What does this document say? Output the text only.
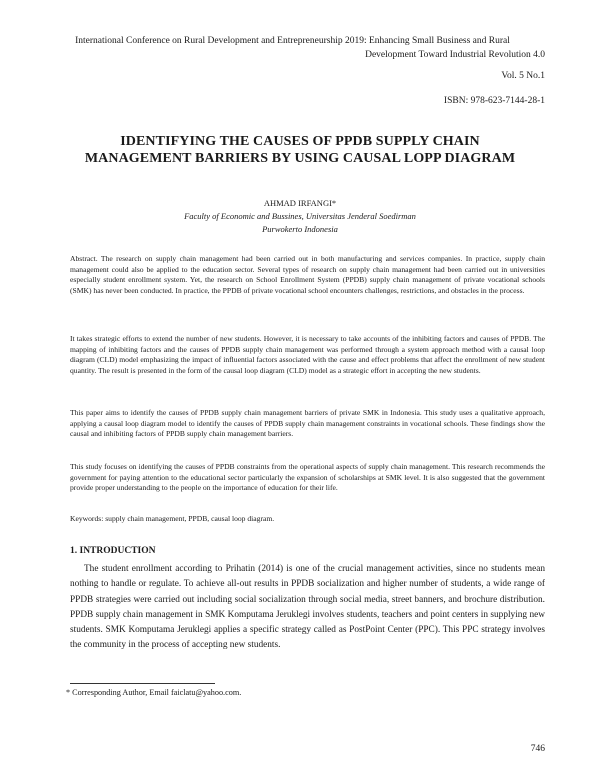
International Conference on Rural Development and Entrepreneurship 2019: Enhancing Small Business and Rural
Development Toward Industrial Revolution 4.0
Vol. 5 No.1
ISBN: 978-623-7144-28-1
IDENTIFYING THE CAUSES OF PPDB SUPPLY CHAIN
MANAGEMENT BARRIERS BY USING CAUSAL LOPP DIAGRAM
AHMAD IRFANGI*
Faculty of Economic and Bussines, Universitas Jenderal Soedirman
Purwokerto Indonesia
Abstract. The research on supply chain management had been carried out in both manufacturing and services companies. In practice, supply chain management could also be applied to the education sector. Several types of research on supply chain management had been carried out in universities especially student enrollment system. Yet, the research on School Enrollment System (PPDB) supply chain management of private vocational schools (SMK) has never been conducted. In practice, the PPDB of private vocational school encounters challenges, restrictions, and obstacles in the process.
It takes strategic efforts to extend the number of new students. However, it is necessary to take accounts of the inhibiting factors and causes of PPDB. The mapping of inhibiting factors and the causes of PPDB supply chain management was performed through a system approach method with a causal loop diagram (CLD) model emphasizing the impact of influential factors associated with the cause and effect problems that affect the enrollment of new student quantity. The result is presented in the form of the causal loop diagram (CLD) model as a strategic effort in accepting the new students.
This paper aims to identify the causes of PPDB supply chain management barriers of private SMK in Indonesia. This study uses a qualitative approach, applying a causal loop diagram model to identify the causes of PPDB supply chain management constraints in vocational schools. These findings show the causal and inhibiting factors of PPDB supply chain management barriers.
This study focuses on identifying the causes of PPDB constraints from the operational aspects of supply chain management. This research recommends the government for paying attention to the educational sector particularly the expansion of scholarships at SMK level. It is also suggested that the government provide proper understanding to the people on the importance of education for their life.
Keywords: supply chain management, PPDB, causal loop diagram.
1. INTRODUCTION
The student enrollment according to Prihatin (2014) is one of the crucial management activities, since no students mean nothing to handle or regulate. To achieve all-out results in PPDB socialization and higher number of students, a wide range of PPDB strategies were carried out including social socialization through social media, street banners, and brochure distribution. PPDB supply chain management in SMK Komputama Jeruklegi involves students, teachers and point centers in supplying new students. SMK Komputama Jeruklegi applies a specific strategy called as PostPoint Center (PPC). This PPC strategy involves the community in the process of accepting new students.
* Corresponding Author, Email faiclatu@yahoo.com.
746
